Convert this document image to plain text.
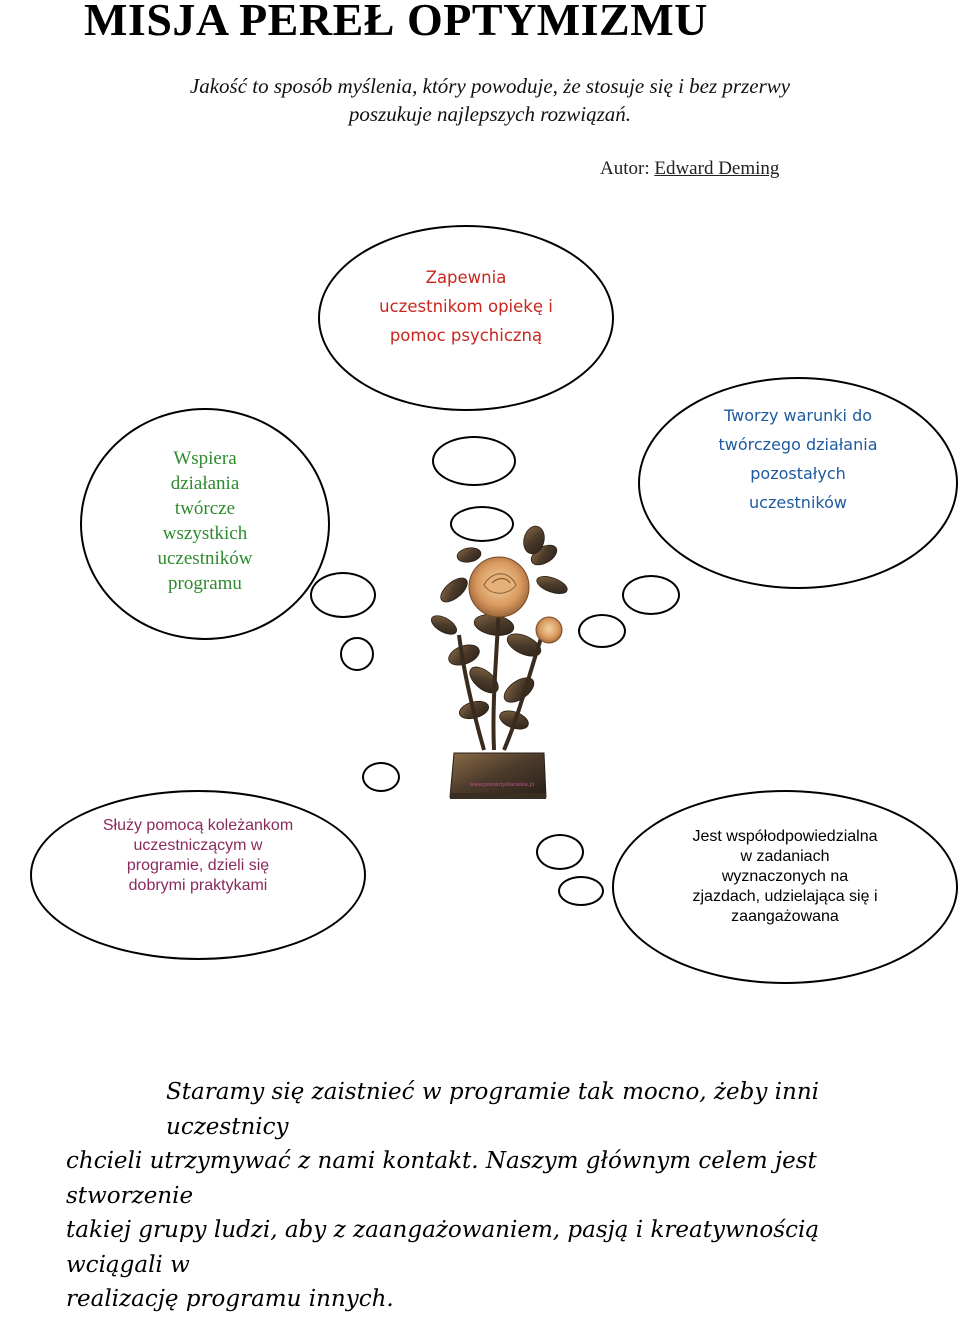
MISJA PEREŁ OPTYMIZMU
Jakość to sposób myślenia, który powoduje, że stosuje się i bez przerwy
poszukuje najlepszych rozwiązań.
Autor: Edward Deming
www.prezentydlaciebie.pl
Zapewnia
uczestnikom opiekę i
pomoc psychiczną
Wspiera
działania
twórcze
wszystkich
uczestników
programu
Tworzy warunki do
twórczego działania
pozostałych
uczestników
Służy pomocą koleżankom
uczestniczącym w
programie, dzieli się
dobrymi praktykami
Jest współodpowiedzialna
w zadaniach
wyznaczonych na
zjazdach, udzielająca się i
zaangażowana
Staramy się zaistnieć w programie tak mocno, żeby inni uczestnicy
chcieli utrzymywać z nami kontakt. Naszym głównym celem jest stworzenie
takiej grupy ludzi, aby z zaangażowaniem, pasją i kreatywnością wciągali w
realizację programu innych.
